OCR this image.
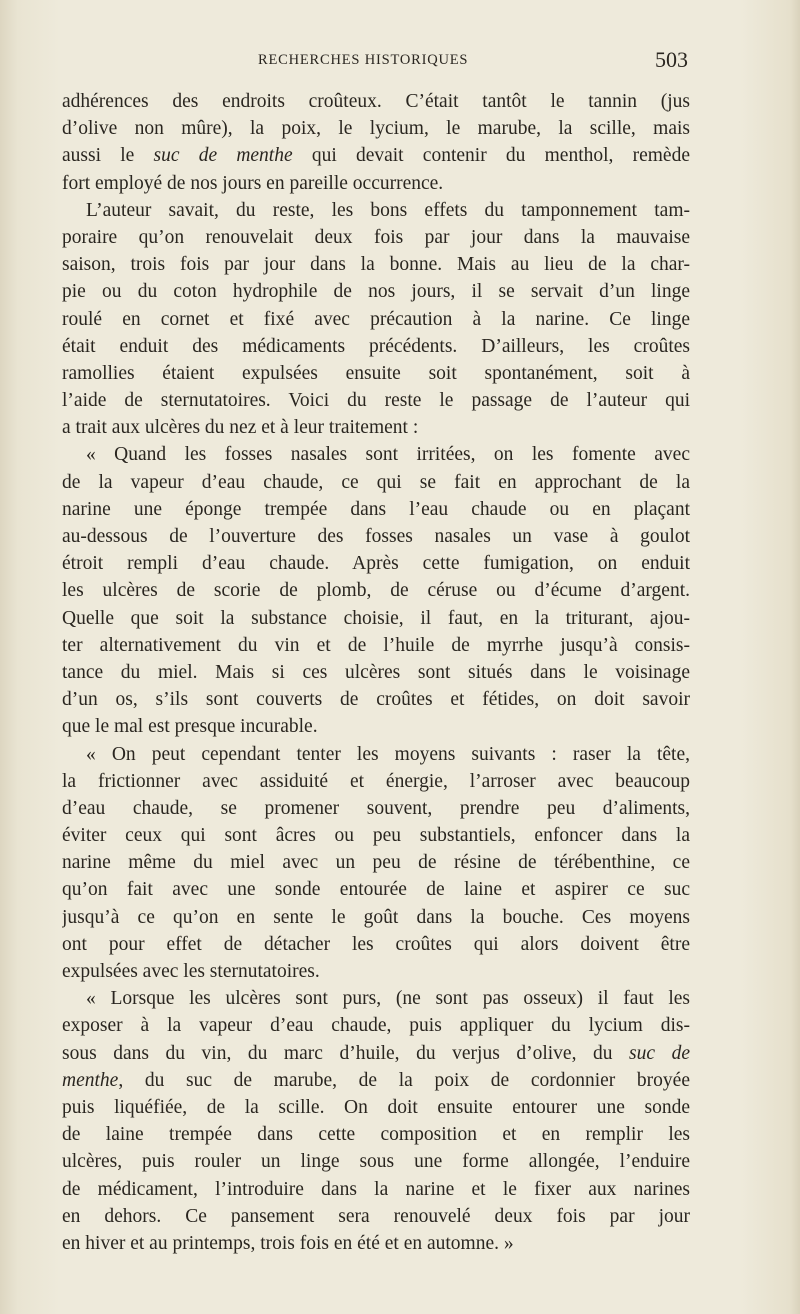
RECHERCHES HISTORIQUES	503
adhérences des endroits croûteux. C’était tantôt le tannin (jus
d’olive non mûre), la poix, le lycium, le marube, la scille, mais
aussi le suc de menthe qui devait contenir du menthol, remède
fort employé de nos jours en pareille occurrence.
L’auteur savait, du reste, les bons effets du tamponnement tam-
poraire qu’on renouvelait deux fois par jour dans la mauvaise
saison, trois fois par jour dans la bonne. Mais au lieu de la char-
pie ou du coton hydrophile de nos jours, il se servait d’un linge
roulé en cornet et fixé avec précaution à la narine. Ce linge
était enduit des médicaments précédents. D’ailleurs, les croûtes
ramollies étaient expulsées ensuite soit spontanément, soit à
l’aide de sternutatoires. Voici du reste le passage de l’auteur qui
a trait aux ulcères du nez et à leur traitement :
« Quand les fosses nasales sont irritées, on les fomente avec
de la vapeur d’eau chaude, ce qui se fait en approchant de la
narine une éponge trempée dans l’eau chaude ou en plaçant
au-dessous de l’ouverture des fosses nasales un vase à goulot
étroit rempli d’eau chaude. Après cette fumigation, on enduit
les ulcères de scorie de plomb, de céruse ou d’écume d’argent.
Quelle que soit la substance choisie, il faut, en la triturant, ajou-
ter alternativement du vin et de l’huile de myrrhe jusqu’à consis-
tance du miel. Mais si ces ulcères sont situés dans le voisinage
d’un os, s’ils sont couverts de croûtes et fétides, on doit savoir
que le mal est presque incurable.
« On peut cependant tenter les moyens suivants : raser la tête,
la frictionner avec assiduité et énergie, l’arroser avec beaucoup
d’eau chaude, se promener souvent, prendre peu d’aliments,
éviter ceux qui sont âcres ou peu substantiels, enfoncer dans la
narine même du miel avec un peu de résine de térébenthine, ce
qu’on fait avec une sonde entourée de laine et aspirer ce suc
jusqu’à ce qu’on en sente le goût dans la bouche. Ces moyens
ont pour effet de détacher les croûtes qui alors doivent être
expulsées avec les sternutatoires.
« Lorsque les ulcères sont purs, (ne sont pas osseux) il faut les
exposer à la vapeur d’eau chaude, puis appliquer du lycium dis-
sous dans du vin, du marc d’huile, du verjus d’olive, du suc de
menthe, du suc de marube, de la poix de cordonnier broyée
puis liquéfiée, de la scille. On doit ensuite entourer une sonde
de laine trempée dans cette composition et en remplir les
ulcères, puis rouler un linge sous une forme allongée, l’enduire
de médicament, l’introduire dans la narine et le fixer aux narines
en dehors. Ce pansement sera renouvelé deux fois par jour
en hiver et au printemps, trois fois en été et en automne. »
